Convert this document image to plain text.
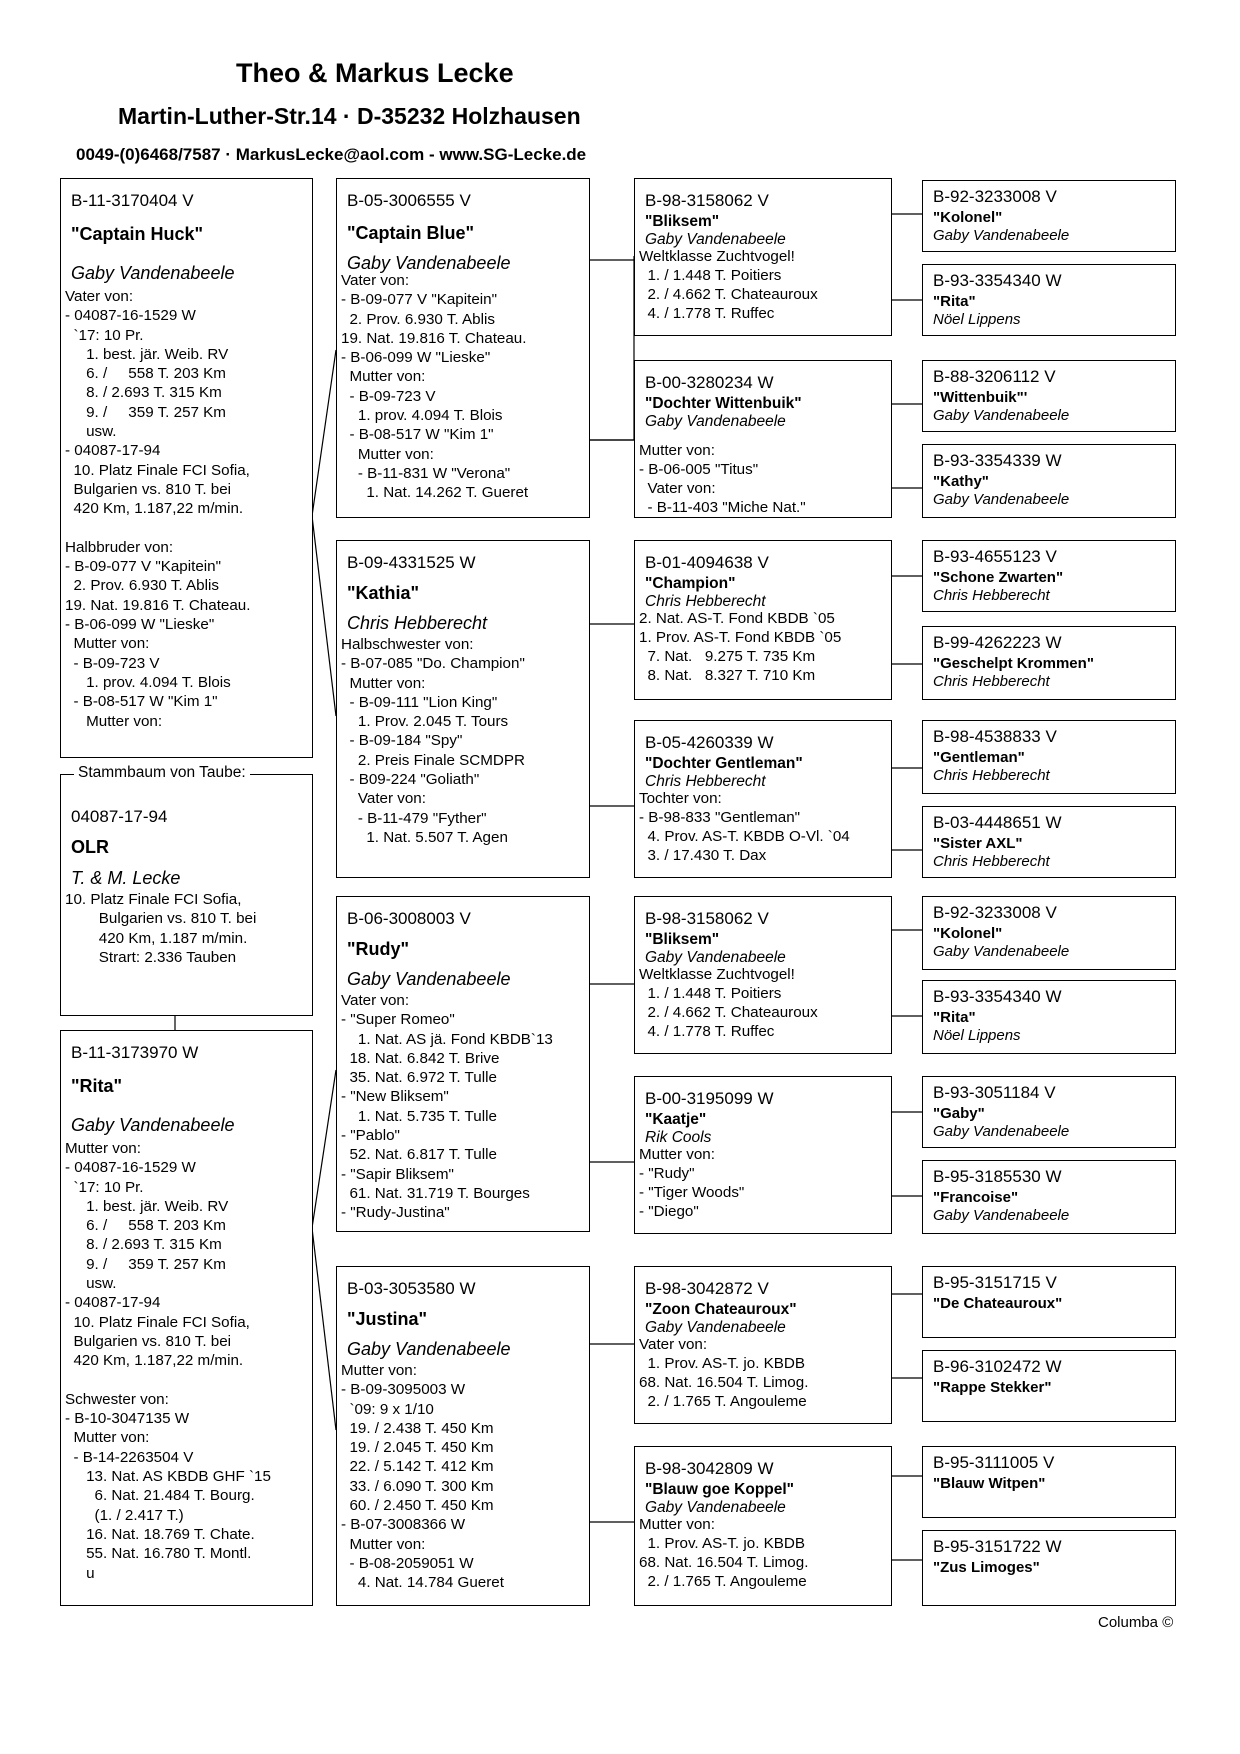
Theo & Markus Lecke
Martin-Luther-Str.14 · D-35232 Holzhausen
0049-(0)6468/7587 · MarkusLecke@aol.com - www.SG-Lecke.de
B-11-3170404 V
"Captain Huck"
Gaby Vandenabeele
Vater von:
- 04087-16-1529 W
`17: 10 Pr.
1. best. jär. Weib. RV
6. /     558 T. 203 Km
8. / 2.693 T. 315 Km
9. /     359 T. 257 Km
usw.
- 04087-17-94
10. Platz Finale FCI Sofia,
Bulgarien vs. 810 T. bei
420 Km, 1.187,22 m/min.

Halbbruder von:
- B-09-077 V "Kapitein"
2. Prov. 6.930 T. Ablis
19. Nat. 19.816 T. Chateau.
- B-06-099 W "Lieske"
Mutter von:
- B-09-723 V
1. prov. 4.094 T. Blois
- B-08-517 W "Kim 1"
Mutter von:
04087-17-94
OLR
T. & M. Lecke
10. Platz Finale FCI Sofia,
Bulgarien vs. 810 T. bei
420 Km, 1.187 m/min.
Strart: 2.336 Tauben
Stammbaum von Taube:
B-11-3173970 W
"Rita"
Gaby Vandenabeele
Mutter von:
- 04087-16-1529 W
`17: 10 Pr.
1. best. jär. Weib. RV
6. /     558 T. 203 Km
8. / 2.693 T. 315 Km
9. /     359 T. 257 Km
usw.
- 04087-17-94
10. Platz Finale FCI Sofia,
Bulgarien vs. 810 T. bei
420 Km, 1.187,22 m/min.

Schwester von:
- B-10-3047135 W
Mutter von:
- B-14-2263504 V
13. Nat. AS KBDB GHF `15
6. Nat. 21.484 T. Bourg.
(1. / 2.417 T.)
16. Nat. 18.769 T. Chate.
55. Nat. 16.780 T. Montl.
u
B-05-3006555 V
"Captain Blue"
Gaby Vandenabeele
Vater von:
- B-09-077 V "Kapitein"
2. Prov. 6.930 T. Ablis
19. Nat. 19.816 T. Chateau.
- B-06-099 W "Lieske"
Mutter von:
- B-09-723 V
1. prov. 4.094 T. Blois
- B-08-517 W "Kim 1"
Mutter von:
- B-11-831 W "Verona"
1. Nat. 14.262 T. Gueret
B-09-4331525 W
"Kathia"
Chris Hebberecht
Halbschwester von:
- B-07-085 "Do. Champion"
Mutter von:
- B-09-111 "Lion King"
1. Prov. 2.045 T. Tours
- B-09-184 "Spy"
2. Preis Finale SCMDPR
- B09-224 "Goliath"
Vater von:
- B-11-479 "Fyther"
1. Nat. 5.507 T. Agen
B-06-3008003 V
"Rudy"
Gaby Vandenabeele
Vater von:
- "Super Romeo"
1. Nat. AS jä. Fond KBDB`13
18. Nat. 6.842 T. Brive
35. Nat. 6.972 T. Tulle
- "New Bliksem"
1. Nat. 5.735 T. Tulle
- "Pablo"
52. Nat. 6.817 T. Tulle
- "Sapir Bliksem"
61. Nat. 31.719 T. Bourges
- "Rudy-Justina"
B-03-3053580 W
"Justina"
Gaby Vandenabeele
Mutter von:
- B-09-3095003 W
`09: 9 x 1/10
19. / 2.438 T. 450 Km
19. / 2.045 T. 450 Km
22. / 5.142 T. 412 Km
33. / 6.090 T. 300 Km
60. / 2.450 T. 450 Km
- B-07-3008366 W
Mutter von:
- B-08-2059051 W
4. Nat. 14.784 Gueret
B-98-3158062 V
"Bliksem"
Gaby Vandenabeele
Weltklasse Zuchtvogel!
1. / 1.448 T. Poitiers
2. / 4.662 T. Chateauroux
4. / 1.778 T. Ruffec
B-00-3280234 W
"Dochter Wittenbuik"
Gaby Vandenabeele
Mutter von:
- B-06-005 "Titus"
Vater von:
- B-11-403 "Miche Nat."
B-01-4094638 V
"Champion"
Chris Hebberecht
2. Nat. AS-T. Fond KBDB `05
1. Prov. AS-T. Fond KBDB `05
7. Nat.   9.275 T. 735 Km
8. Nat.   8.327 T. 710 Km
B-05-4260339 W
"Dochter Gentleman"
Chris Hebberecht
Tochter von:
- B-98-833 "Gentleman"
4. Prov. AS-T. KBDB O-Vl. `04
3. / 17.430 T. Dax
B-98-3158062 V
"Bliksem"
Gaby Vandenabeele
Weltklasse Zuchtvogel!
1. / 1.448 T. Poitiers
2. / 4.662 T. Chateauroux
4. / 1.778 T. Ruffec
B-00-3195099 W
"Kaatje"
Rik Cools
Mutter von:
- "Rudy"
- "Tiger Woods"
- "Diego"
B-98-3042872 V
"Zoon Chateauroux"
Gaby Vandenabeele
Vater von:
1. Prov. AS-T. jo. KBDB
68. Nat. 16.504 T. Limog.
2. / 1.765 T. Angouleme
B-98-3042809 W
"Blauw goe Koppel"
Gaby Vandenabeele
Mutter von:
1. Prov. AS-T. jo. KBDB
68. Nat. 16.504 T. Limog.
2. / 1.765 T. Angouleme
B-92-3233008 V
"Kolonel"
Gaby Vandenabeele
B-93-3354340 W
"Rita"
Nöel Lippens
B-88-3206112 V
"Wittenbuik"'
Gaby Vandenabeele
B-93-3354339 W
"Kathy"
Gaby Vandenabeele
B-93-4655123 V
"Schone Zwarten"
Chris Hebberecht
B-99-4262223 W
"Geschelpt Krommen"
Chris Hebberecht
B-98-4538833 V
"Gentleman"
Chris Hebberecht
B-03-4448651 W
"Sister AXL"
Chris Hebberecht
B-92-3233008 V
"Kolonel"
Gaby Vandenabeele
B-93-3354340 W
"Rita"
Nöel Lippens
B-93-3051184 V
"Gaby"
Gaby Vandenabeele
B-95-3185530 W
"Francoise"
Gaby Vandenabeele
B-95-3151715 V
"De Chateauroux"
B-96-3102472 W
"Rappe Stekker"
B-95-3111005 V
"Blauw Witpen"
B-95-3151722 W
"Zus Limoges"
Columba ©
